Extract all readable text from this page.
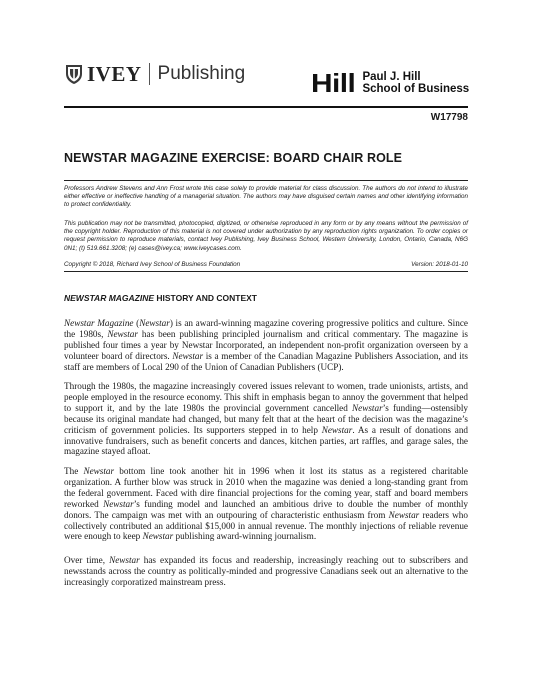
IVEY Publishing	Hill Paul J. Hill
School of Business
W17798
NEWSTAR MAGAZINE EXERCISE: BOARD CHAIR ROLE

Professors Andrew Stevens and Ann Frost wrote this case solely to provide material for class discussion. The authors do not intend to illustrate either effective or ineffective handling of a managerial situation. The authors may have disguised certain names and other identifying information to protect confidentiality.

This publication may not be transmitted, photocopied, digitized, or otherwise reproduced in any form or by any means without the permission of the copyright holder. Reproduction of this material is not covered under authorization by any reproduction rights organization. To order copies or request permission to reproduce materials, contact Ivey Publishing, Ivey Business School, Western University, London, Ontario, Canada, N6G 0N1; (t) 519.661.3208; (e) cases@ivey.ca; www.iveycases.com.

Copyright © 2018, Richard Ivey School of Business Foundation	Version: 2018-01-10
NEWSTAR MAGAZINE HISTORY AND CONTEXT

Newstar Magazine (Newstar) is an award-winning magazine covering progressive politics and culture. Since the 1980s, Newstar has been publishing principled journalism and critical commentary. The magazine is published four times a year by Newstar Incorporated, an independent non-profit organization overseen by a volunteer board of directors. Newstar is a member of the Canadian Magazine Publishers Association, and its staff are members of Local 290 of the Union of Canadian Publishers (UCP).

Through the 1980s, the magazine increasingly covered issues relevant to women, trade unionists, artists, and people employed in the resource economy. This shift in emphasis began to annoy the government that helped to support it, and by the late 1980s the provincial government cancelled Newstar’s funding—ostensibly because its original mandate had changed, but many felt that at the heart of the decision was the magazine’s criticism of government policies. Its supporters stepped in to help Newstar. As a result of donations and innovative fundraisers, such as benefit concerts and dances, kitchen parties, art raffles, and garage sales, the magazine stayed afloat.

The Newstar bottom line took another hit in 1996 when it lost its status as a registered charitable organization. A further blow was struck in 2010 when the magazine was denied a long-standing grant from the federal government. Faced with dire financial projections for the coming year, staff and board members reworked Newstar’s funding model and launched an ambitious drive to double the number of monthly donors. The campaign was met with an outpouring of characteristic enthusiasm from Newstar readers who collectively contributed an additional $15,000 in annual revenue. The monthly injections of reliable revenue were enough to keep Newstar publishing award-winning journalism.

Over time, Newstar has expanded its focus and readership, increasingly reaching out to subscribers and newsstands across the country as politically-minded and progressive Canadians seek out an alternative to the increasingly corporatized mainstream press.
